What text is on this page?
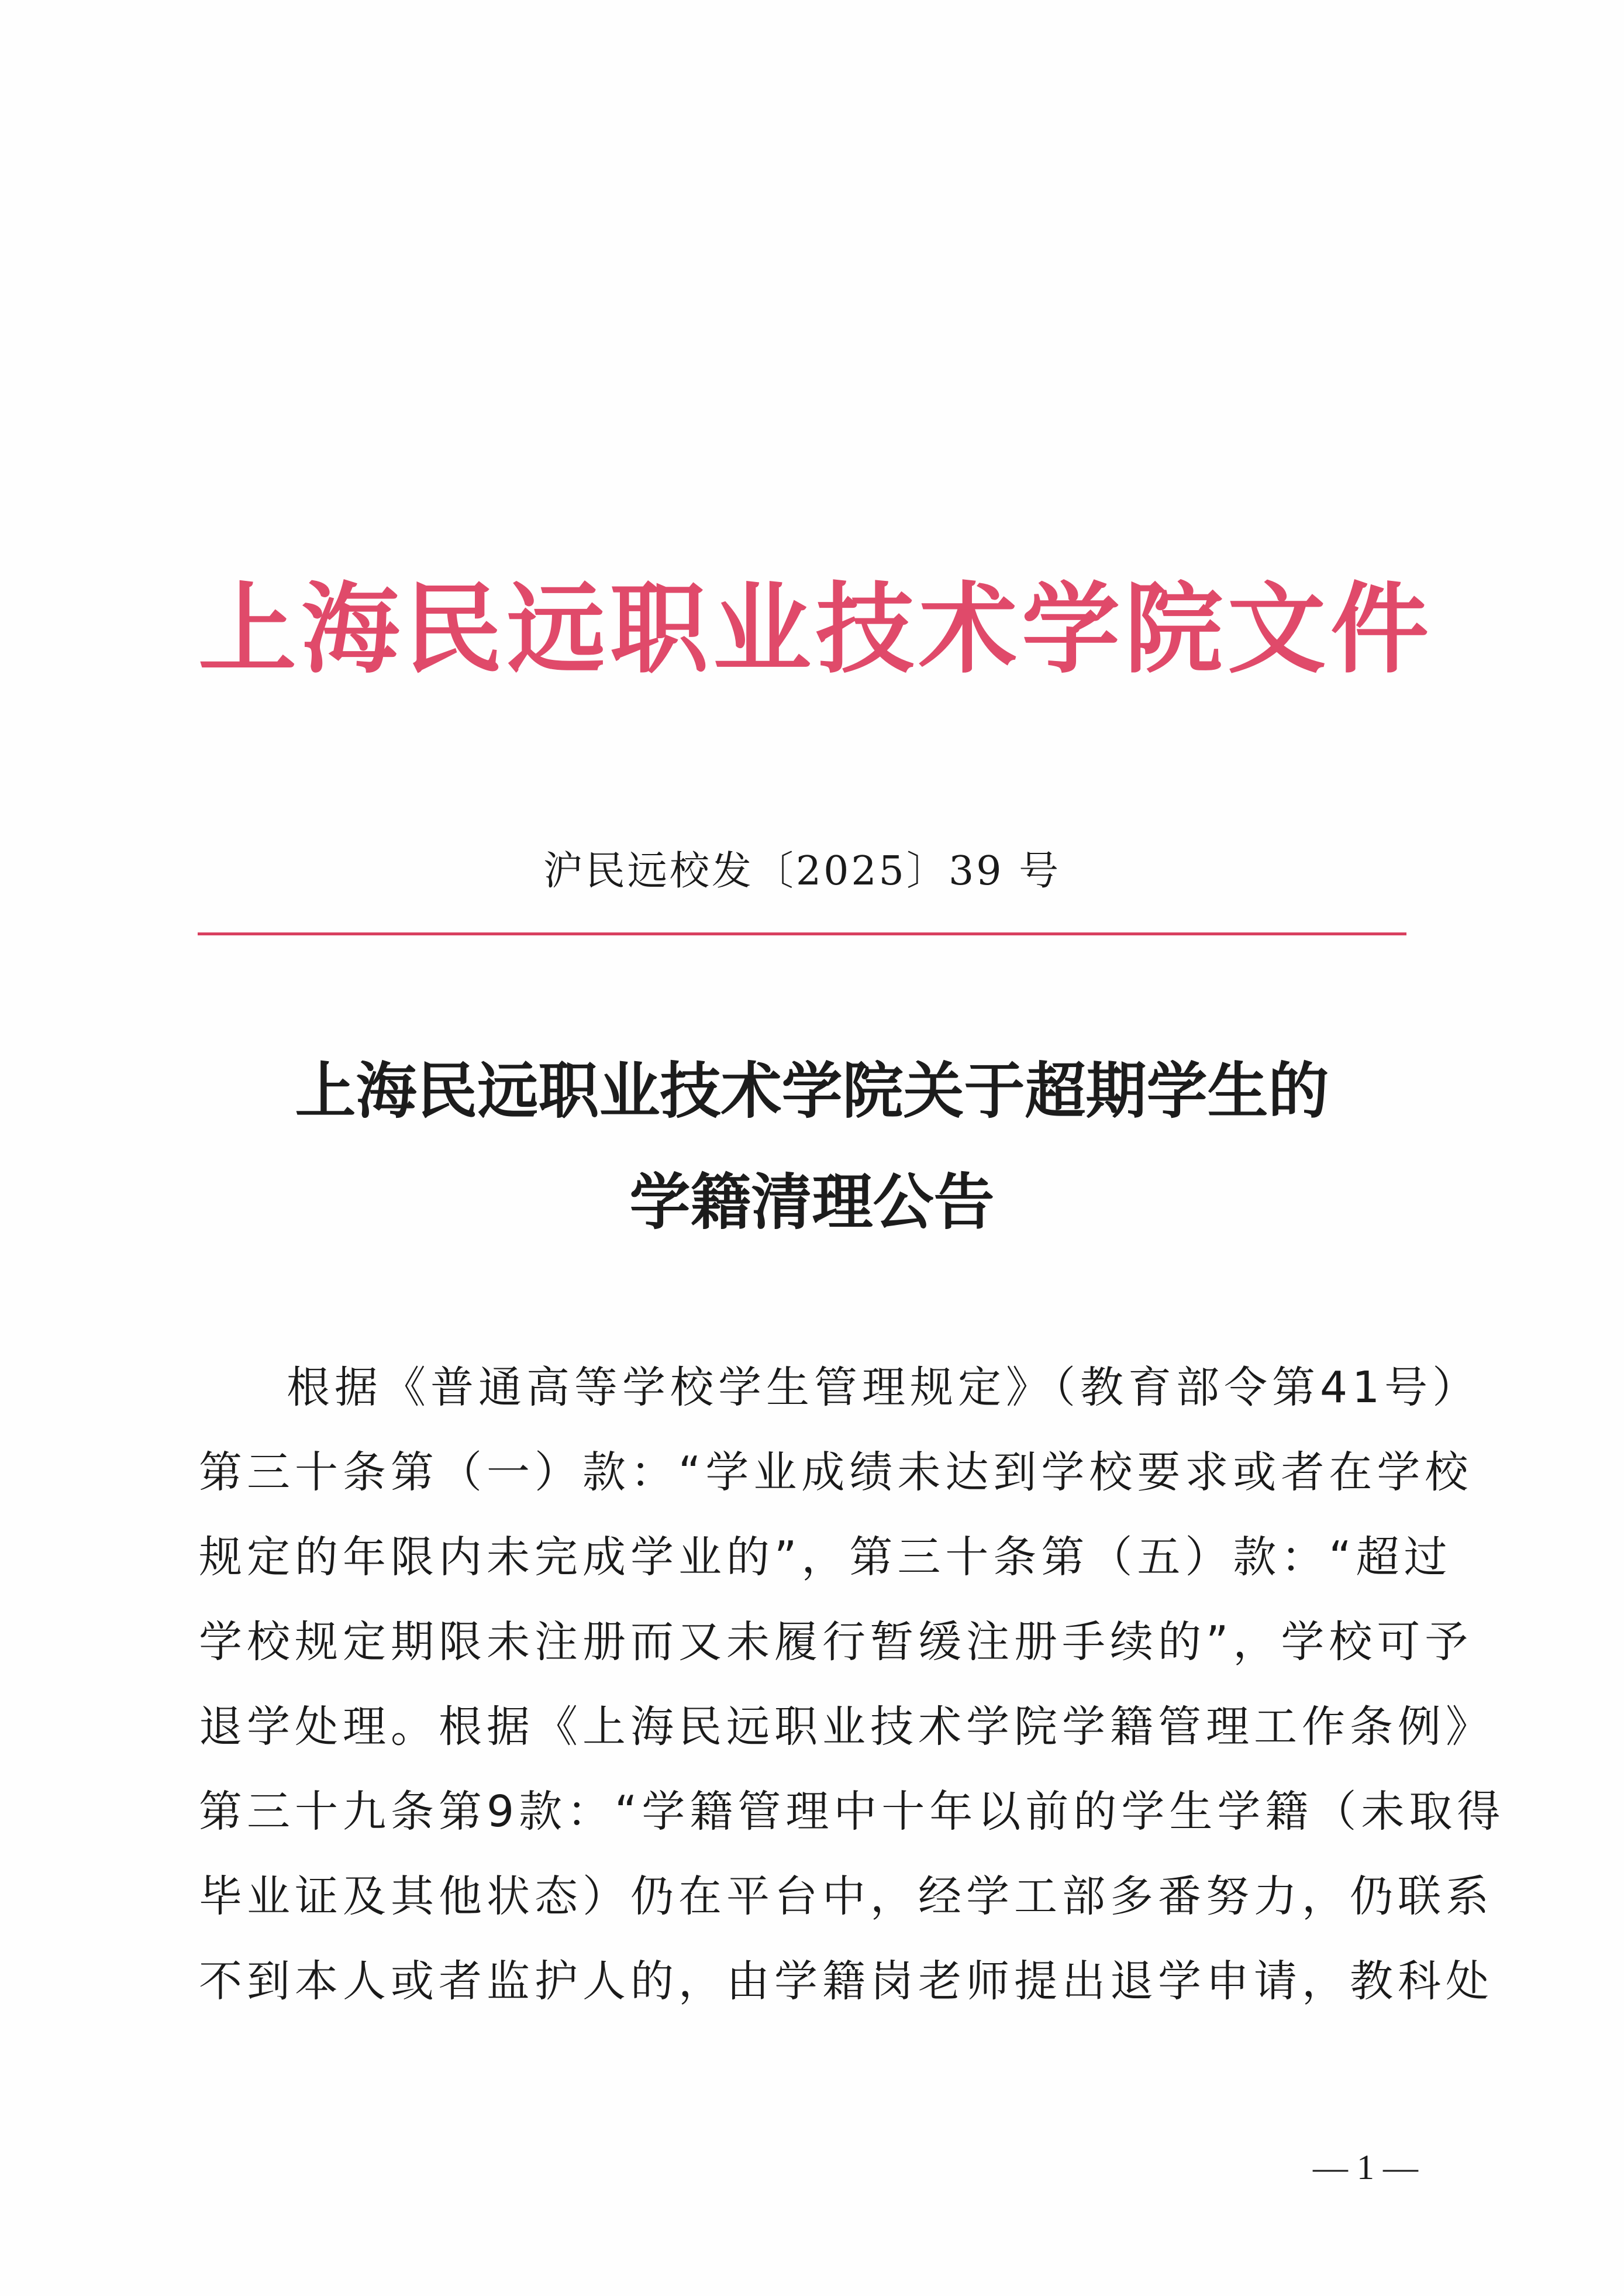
上海民远职业技术学院文件
沪民远校发〔2025〕39 号
上海民远职业技术学院关于超期学生的
学籍清理公告
根据《普通高等学校学生管理规定》（教育部令第41号）
第三十条第（一）款：“学业成绩未达到学校要求或者在学校
规定的年限内未完成学业的”，第三十条第（五）款：“超过
学校规定期限未注册而又未履行暂缓注册手续的”，学校可予
退学处理。根据《上海民远职业技术学院学籍管理工作条例》
第三十九条第9款：“学籍管理中十年以前的学生学籍（未取得
毕业证及其他状态）仍在平台中，经学工部多番努力，仍联系
不到本人或者监护人的，由学籍岗老师提出退学申请，教科处
— 1 —
